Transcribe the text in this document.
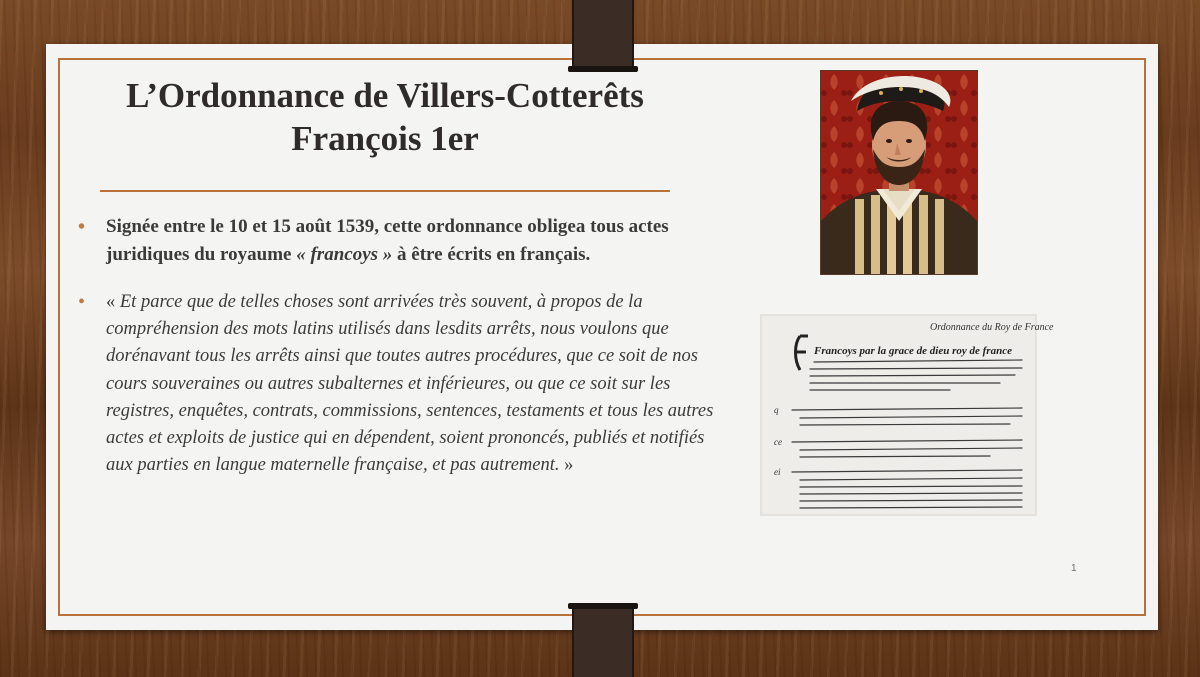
L’Ordonnance de Villers-Cotterêts
François 1er
• Signée entre le 10 et 15 août 1539, cette ordonnance obligea tous actes juridiques du royaume « francoys » à être écrits en français.
• « Et parce que de telles choses sont arrivées très souvent, à propos de la compréhension des mots latins utilisés dans lesdits arrêts, nous voulons que dorénavant tous les arrêts ainsi que toutes autres procédures, que ce soit de nos cours souveraines ou autres subalternes et inférieures, ou que ce soit sur les registres, enquêtes, contrats, commissions, sentences, testaments et tous les autres actes et exploits de justice qui en dépendent, soient prononcés, publiés et notifiés aux parties en langue maternelle française, et pas autrement. »
Ordonnance du Roy de France
Francoys par la grace de dieu roy de france
q
ce
ei
1
